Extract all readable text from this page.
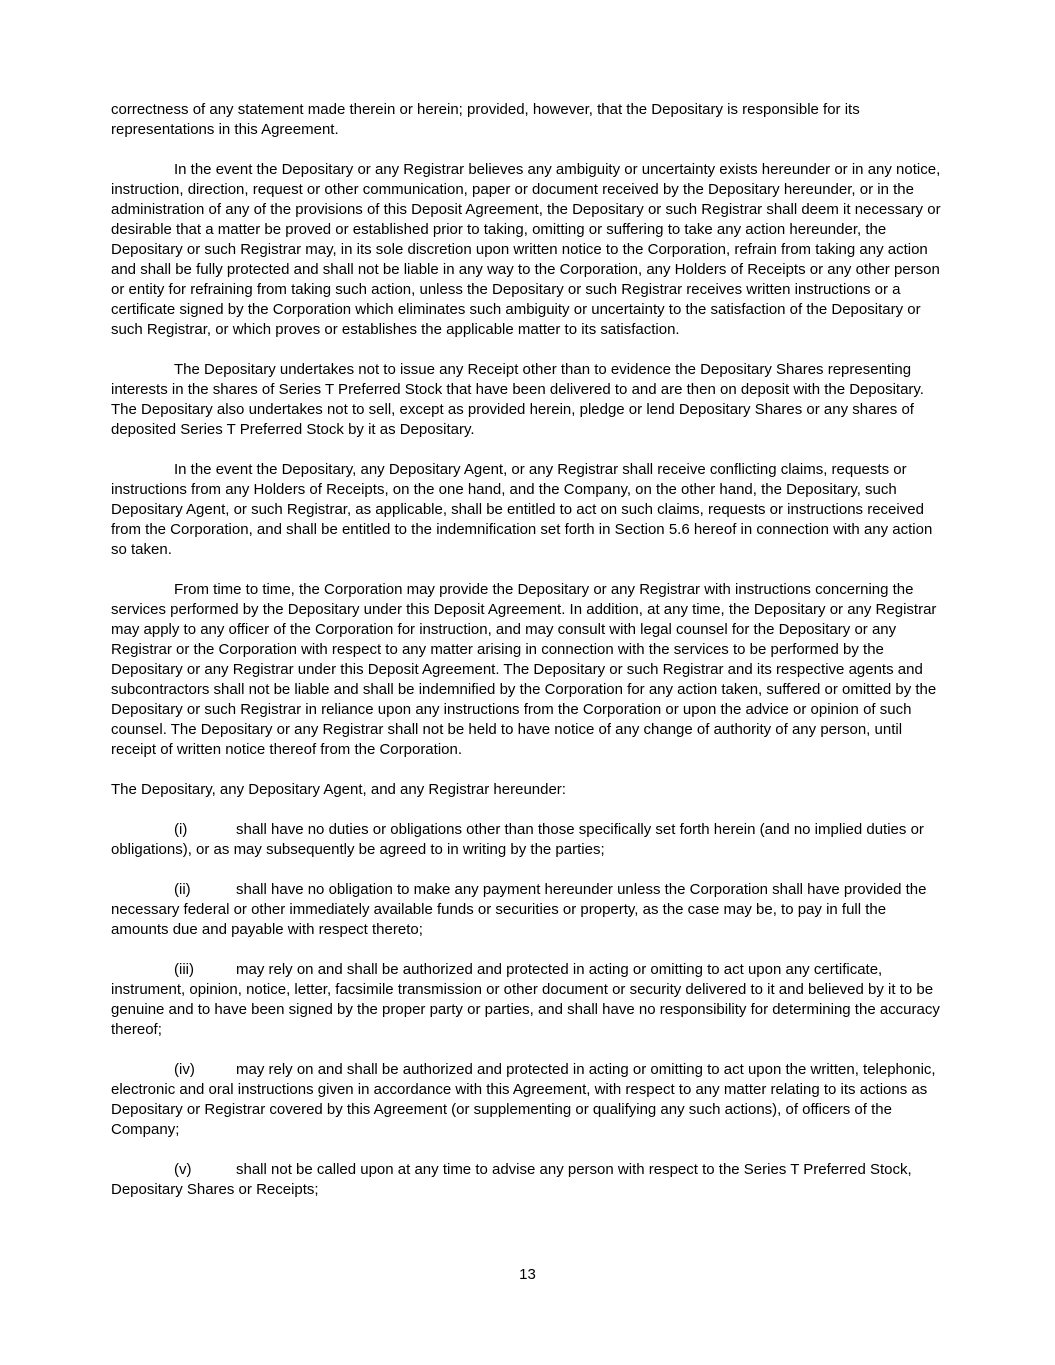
correctness of any statement made therein or herein; provided, however, that the Depositary is responsible for its representations in this Agreement.

In the event the Depositary or any Registrar believes any ambiguity or uncertainty exists hereunder or in any notice, instruction, direction, request or other communication, paper or document received by the Depositary hereunder, or in the administration of any of the provisions of this Deposit Agreement, the Depositary or such Registrar shall deem it necessary or desirable that a matter be proved or established prior to taking, omitting or suffering to take any action hereunder, the Depositary or such Registrar may, in its sole discretion upon written notice to the Corporation, refrain from taking any action and shall be fully protected and shall not be liable in any way to the Corporation, any Holders of Receipts or any other person or entity for refraining from taking such action, unless the Depositary or such Registrar receives written instructions or a certificate signed by the Corporation which eliminates such ambiguity or uncertainty to the satisfaction of the Depositary or such Registrar, or which proves or establishes the applicable matter to its satisfaction.

The Depositary undertakes not to issue any Receipt other than to evidence the Depositary Shares representing interests in the shares of Series T Preferred Stock that have been delivered to and are then on deposit with the Depositary. The Depositary also undertakes not to sell, except as provided herein, pledge or lend Depositary Shares or any shares of deposited Series T Preferred Stock by it as Depositary.

In the event the Depositary, any Depositary Agent, or any Registrar shall receive conflicting claims, requests or instructions from any Holders of Receipts, on the one hand, and the Company, on the other hand, the Depositary, such Depositary Agent, or such Registrar, as applicable, shall be entitled to act on such claims, requests or instructions received from the Corporation, and shall be entitled to the indemnification set forth in Section 5.6 hereof in connection with any action so taken.

From time to time, the Corporation may provide the Depositary or any Registrar with instructions concerning the services performed by the Depositary under this Deposit Agreement. In addition, at any time, the Depositary or any Registrar may apply to any officer of the Corporation for instruction, and may consult with legal counsel for the Depositary or any Registrar or the Corporation with respect to any matter arising in connection with the services to be performed by the Depositary or any Registrar under this Deposit Agreement. The Depositary or such Registrar and its respective agents and subcontractors shall not be liable and shall be indemnified by the Corporation for any action taken, suffered or omitted by the Depositary or such Registrar in reliance upon any instructions from the Corporation or upon the advice or opinion of such counsel. The Depositary or any Registrar shall not be held to have notice of any change of authority of any person, until receipt of written notice thereof from the Corporation.

The Depositary, any Depositary Agent, and any Registrar hereunder:

(i)	shall have no duties or obligations other than those specifically set forth herein (and no implied duties or obligations), or as may subsequently be agreed to in writing by the parties;
(ii)	shall have no obligation to make any payment hereunder unless the Corporation shall have provided the necessary federal or other immediately available funds or securities or property, as the case may be, to pay in full the amounts due and payable with respect thereto;
(iii)	may rely on and shall be authorized and protected in acting or omitting to act upon any certificate, instrument, opinion, notice, letter, facsimile transmission or other document or security delivered to it and believed by it to be genuine and to have been signed by the proper party or parties, and shall have no responsibility for determining the accuracy thereof;
(iv)	may rely on and shall be authorized and protected in acting or omitting to act upon the written, telephonic, electronic and oral instructions given in accordance with this Agreement, with respect to any matter relating to its actions as Depositary or Registrar covered by this Agreement (or supplementing or qualifying any such actions), of officers of the Company;
(v)	shall not be called upon at any time to advise any person with respect to the Series T Preferred Stock, Depositary Shares or Receipts;
13
